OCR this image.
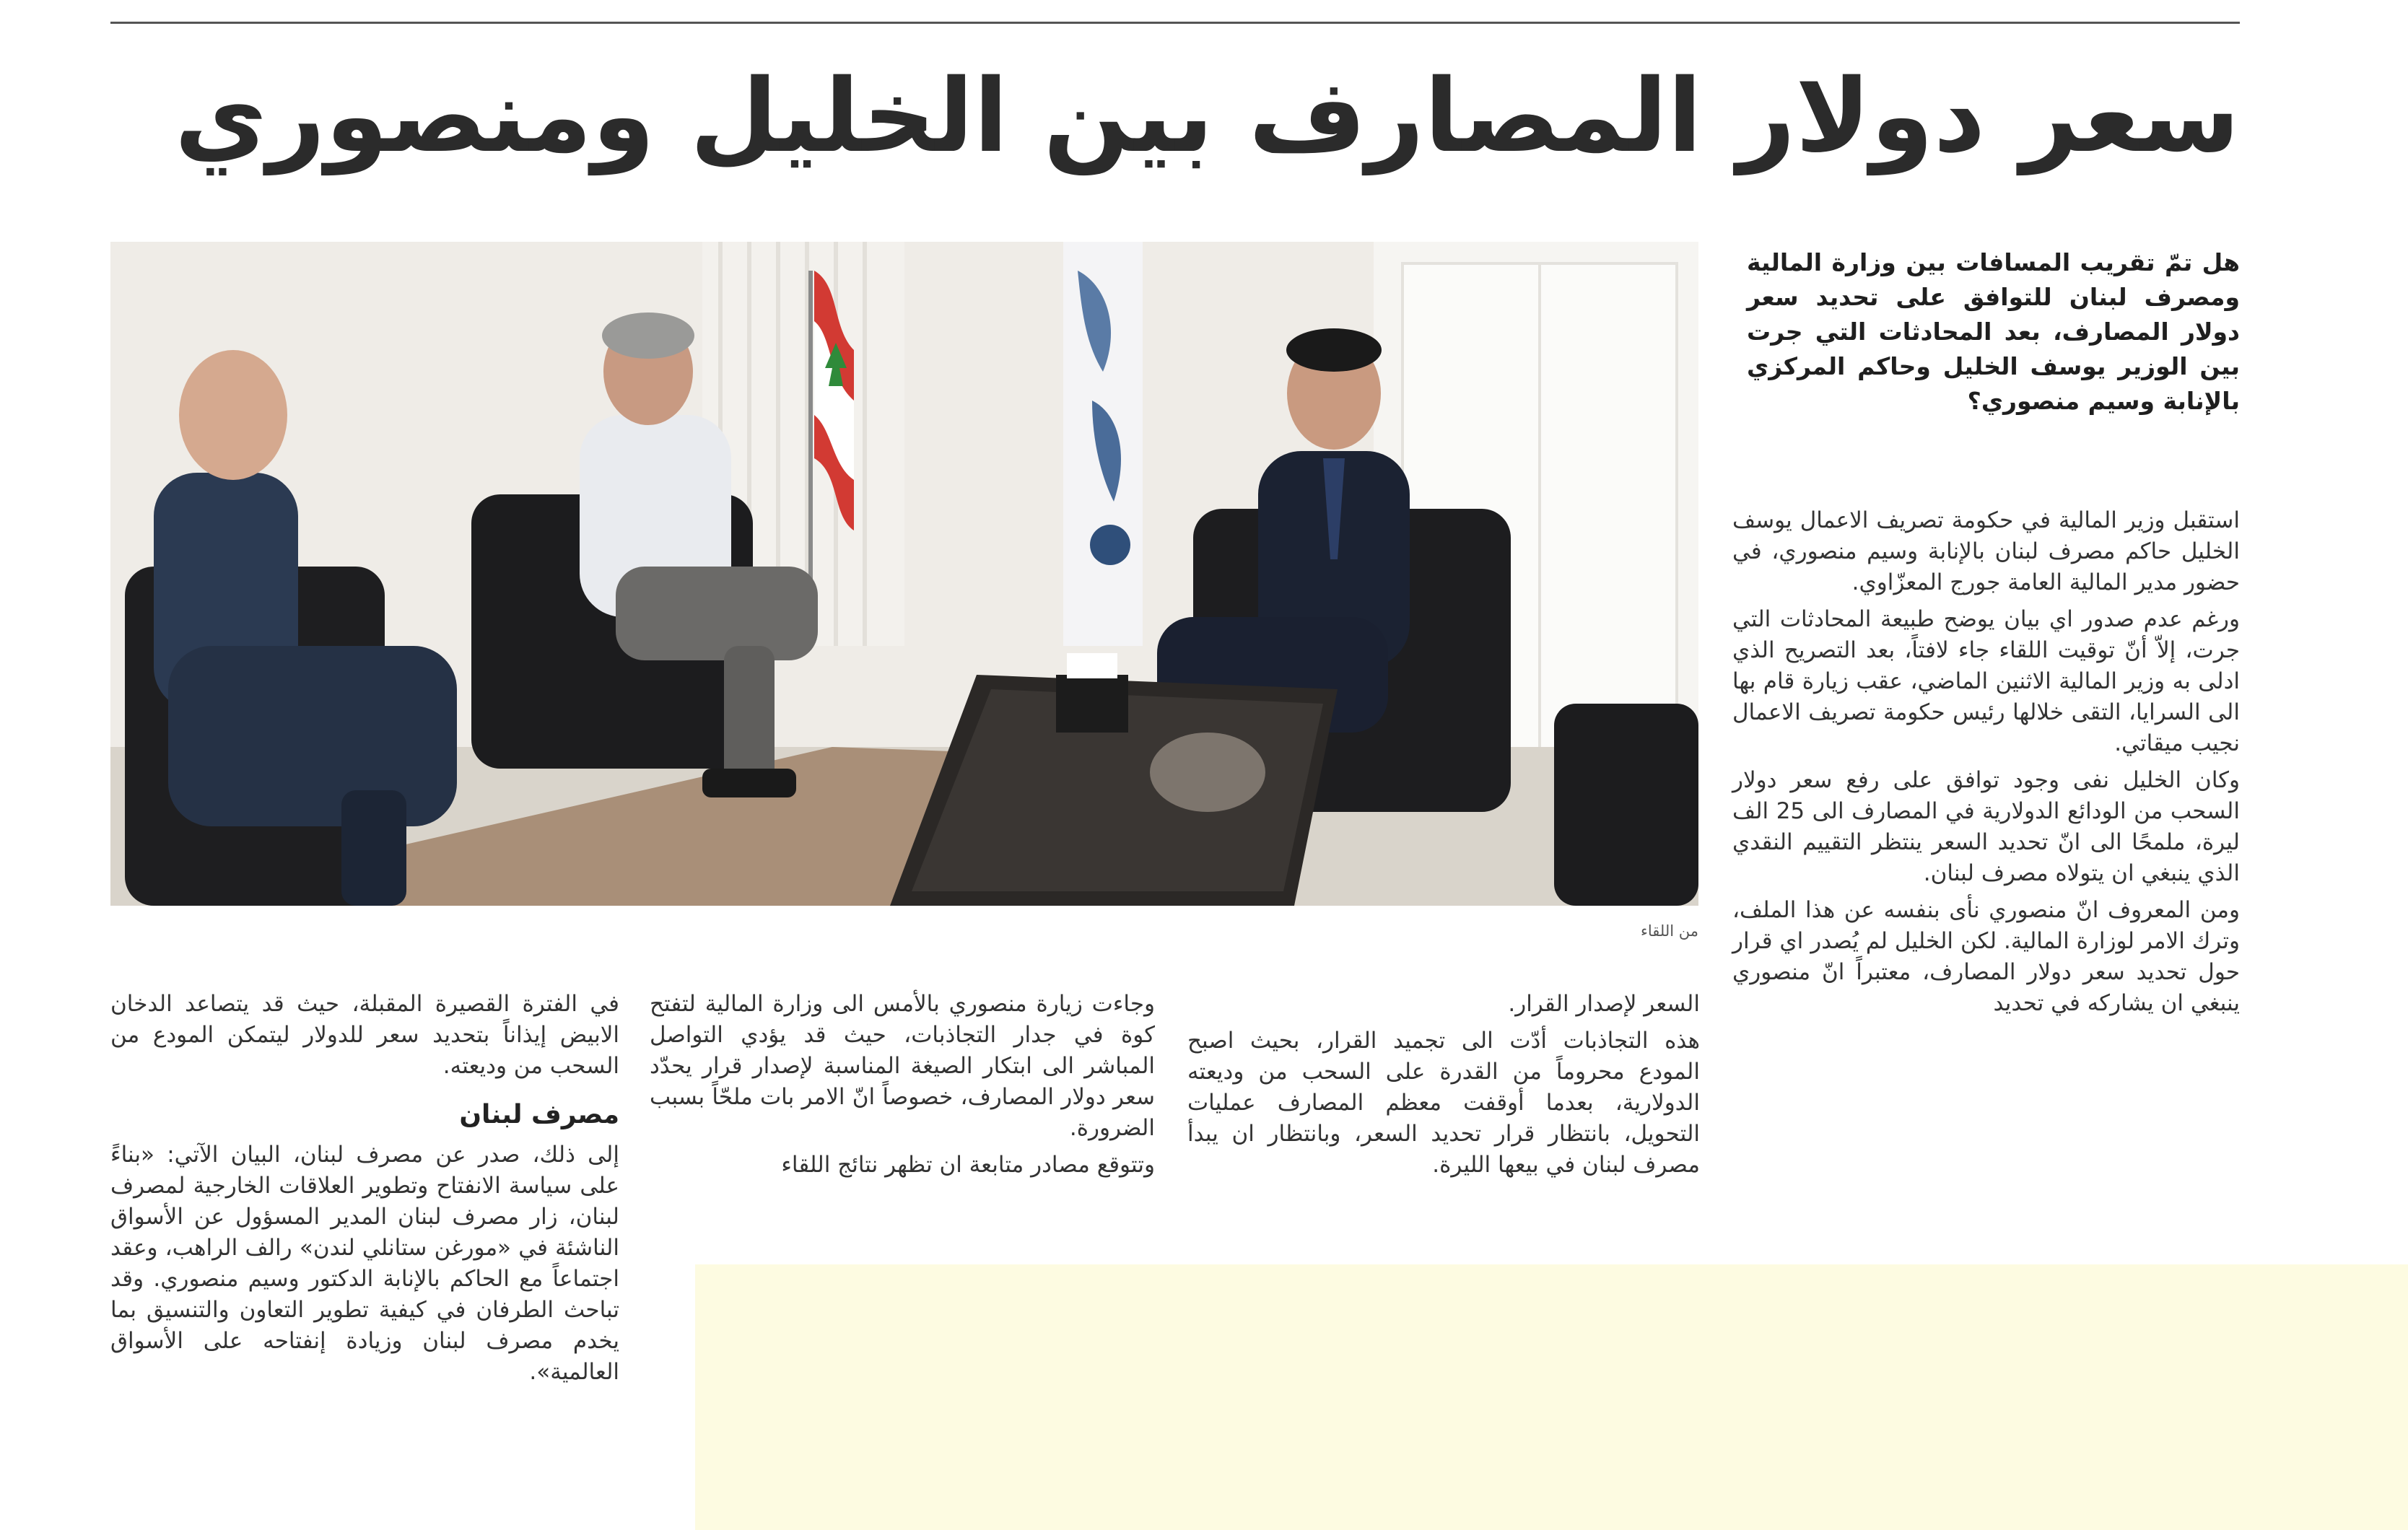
سعر دولار المصارف بين الخليل ومنصوري
من اللقاء

هل تمّ تقريب المسافات بين وزارة المالية ومصرف لبنان للتوافق على تحديد سعر دولار المصارف، بعد المحادثات التي جرت بين الوزير يوسف الخليل وحاكم المركزي بالإنابة وسيم منصوري؟

استقبل وزير المالية في حكومة تصريف الاعمال يوسف الخليل حاكم مصرف لبنان بالإنابة وسيم منصوري، في حضور مدير المالية العامة جورج المعزّاوي.

ورغم عدم صدور اي بيان يوضح طبيعة المحادثات التي جرت، إلاّ أنّ توقيت اللقاء جاء لافتاً، بعد التصريح الذي ادلى به وزير المالية الاثنين الماضي، عقب زيارة قام بها الى السرايا، التقى خلالها رئيس حكومة تصريف الاعمال نجيب ميقاتي.

وكان الخليل نفى وجود توافق على رفع سعر دولار السحب من الودائع الدولارية في المصارف الى 25 الف ليرة، ملمحًا الى انّ تحديد السعر ينتظر التقييم النقدي الذي ينبغي ان يتولاه مصرف لبنان.

ومن المعروف انّ منصوري نأى بنفسه عن هذا الملف، وترك الامر لوزارة المالية. لكن الخليل لم يُصدر اي قرار حول تحديد سعر دولار المصارف، معتبراً انّ منصوري ينبغي ان يشاركه في تحديد

السعر لإصدار القرار.

هذه التجاذبات أدّت الى تجميد القرار، بحيث اصبح المودع محروماً من القدرة على السحب من وديعته الدولارية، بعدما أوقفت معظم المصارف عمليات التحويل، بانتظار قرار تحديد السعر، وبانتظار ان يبدأ مصرف لبنان في بيعها الليرة.

وجاءت زيارة منصوري بالأمس الى وزارة المالية لتفتح كوة في جدار التجاذبات، حيث قد يؤدي التواصل المباشر الى ابتكار الصيغة المناسبة لإصدار قرار يحدّد سعر دولار المصارف، خصوصاً انّ الامر بات ملحّاً بسبب الضرورة.

وتتوقع مصادر متابعة ان تظهر نتائج اللقاء

في الفترة القصيرة المقبلة، حيث قد يتصاعد الدخان الابيض إيذاناً بتحديد سعر للدولار ليتمكن المودع من السحب من وديعته.

مصرف لبنان

إلى ذلك، صدر عن مصرف لبنان، البيان الآتي: «بناءً على سياسة الانفتاح وتطوير العلاقات الخارجية لمصرف لبنان، زار مصرف لبنان المدير المسؤول عن الأسواق الناشئة في «مورغن ستانلي لندن» رالف الراهب، وعقد اجتماعاً مع الحاكم بالإنابة الدكتور وسيم منصوري. وقد تباحث الطرفان في كيفية تطوير التعاون والتنسيق بما يخدم مصرف لبنان وزيادة إنفتاحه على الأسواق العالمية».
